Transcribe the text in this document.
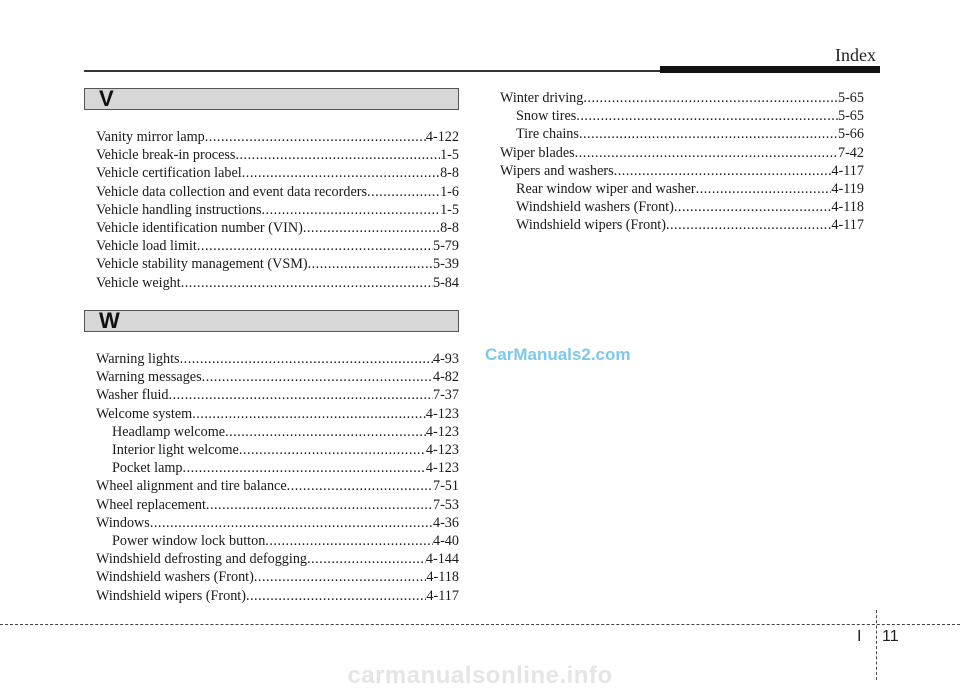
Index
V
Vanity mirror lamp .....	4-122
Vehicle break-in process .....	1-5
Vehicle certification label .....	8-8
Vehicle data collection and event data recorders .....	1-6
Vehicle handling instructions .....	1-5
Vehicle identification number (VIN) .....	8-8
Vehicle load limit .....	5-79
Vehicle stability management (VSM) .....	5-39
Vehicle weight .....	5-84
W
Warning lights .....	4-93
Warning messages .....	4-82
Washer fluid .....	7-37
Welcome system .....	4-123
Headlamp welcome .....	4-123
Interior light welcome .....	4-123
Pocket lamp .....	4-123
Wheel alignment and tire balance .....	7-51
Wheel replacement .....	7-53
Windows .....	4-36
Power window lock button .....	4-40
Windshield defrosting and defogging .....	4-144
Windshield washers (Front) .....	4-118
Windshield wipers (Front) .....	4-117
Winter driving .....	5-65
Snow tires .....	5-65
Tire chains .....	5-66
Wiper blades .....	7-42
Wipers and washers .....	4-117
Rear window wiper and washer .....	4-119
Windshield washers (Front) .....	4-118
Windshield wipers (Front) .....	4-117
CarManuals2.com
I 11
carmanualsonline.info
